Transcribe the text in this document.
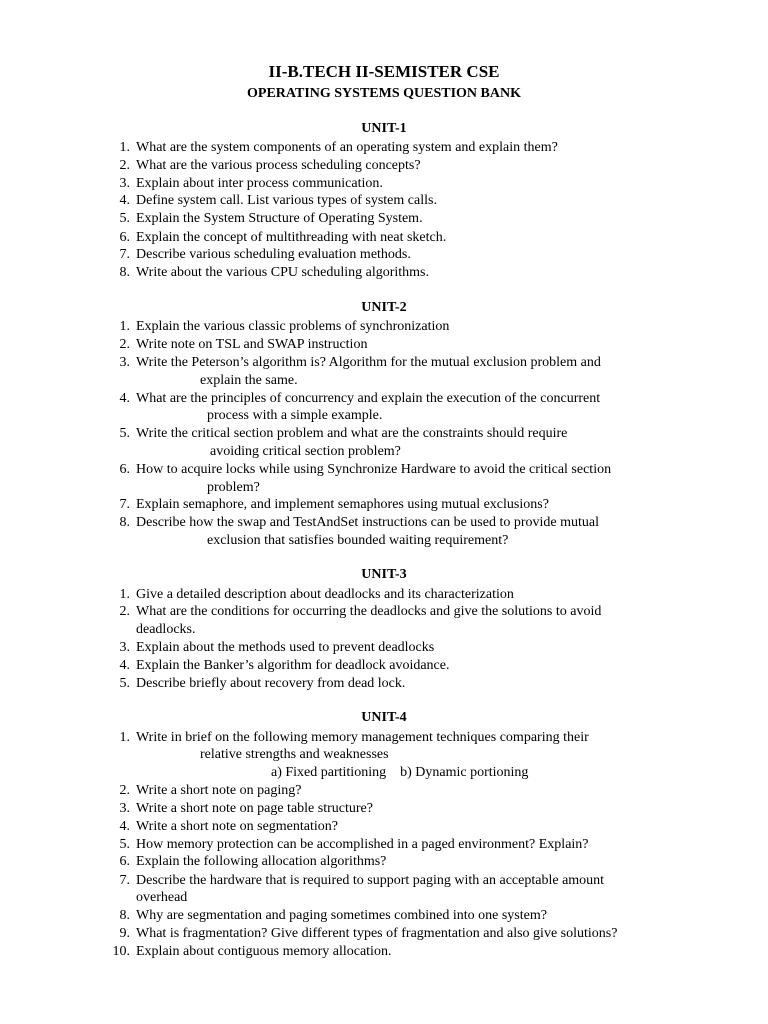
II-B.TECH II-SEMISTER CSE
OPERATING SYSTEMS QUESTION BANK
UNIT-1
1. What are the system components of an operating system and explain them?
2. What are the various process scheduling concepts?
3. Explain about inter process communication.
4. Define system call. List various types of system calls.
5. Explain the System Structure of Operating System.
6. Explain the concept of multithreading with neat sketch.
7. Describe various scheduling evaluation methods.
8. Write about the various CPU scheduling algorithms.
UNIT-2
1. Explain the various classic problems of synchronization
2. Write note on TSL and SWAP instruction
3. Write the Peterson’s algorithm is? Algorithm for the mutual exclusion problem and
explain the same.
4. What are the principles of concurrency and explain the execution of the concurrent
process with a simple example.
5. Write the critical section problem and what are the constraints should require
avoiding critical section problem?
6. How to acquire locks while using Synchronize Hardware to avoid the critical section
problem?
7. Explain semaphore, and implement semaphores using mutual exclusions?
8. Describe how the swap and TestAndSet instructions can be used to provide mutual
exclusion that satisfies bounded waiting requirement?
UNIT-3
1. Give a detailed description about deadlocks and its characterization
2. What are the conditions for occurring the deadlocks and give the solutions to avoid
deadlocks.
3. Explain about the methods used to prevent deadlocks
4. Explain the Banker’s algorithm for deadlock avoidance.
5. Describe briefly about recovery from dead lock.
UNIT-4
1. Write in brief on the following memory management techniques comparing their
relative strengths and weaknesses
a) Fixed partitioning b) Dynamic portioning
2. Write a short note on paging?
3. Write a short note on page table structure?
4. Write a short note on segmentation?
5. How memory protection can be accomplished in a paged environment? Explain?
6. Explain the following allocation algorithms?
7. Describe the hardware that is required to support paging with an acceptable amount
overhead
8. Why are segmentation and paging sometimes combined into one system?
9. What is fragmentation? Give different types of fragmentation and also give solutions?
10. Explain about contiguous memory allocation.
